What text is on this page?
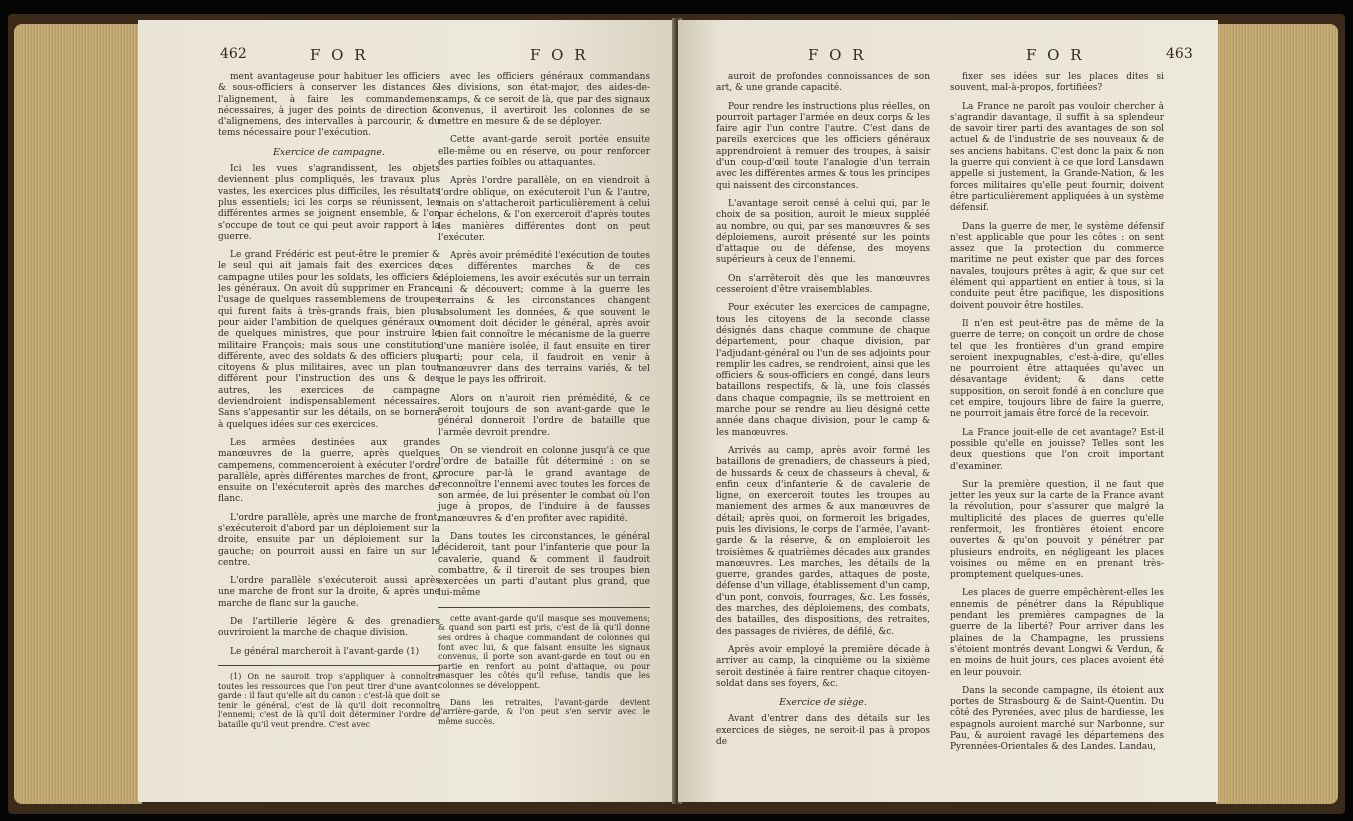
462	F O R	F O R

ment avantageuse pour habituer les officiers & sous-officiers à conserver les distances & l'alignement, à faire les commandemens nécessaires, à juger des points de direction & d'alignemens, des intervalles à parcourir, & du tems nécessaire pour l'exécution.

Exercice de campagne.

Ici les vues s'agrandissent, les objets deviennent plus compliqués, les travaux plus vastes, les exercices plus difficiles, les résultats plus essentiels; ici les corps se réunissent, les différentes armes se joignent ensemble, & l'on s'occupe de tout ce qui peut avoir rapport à la guerre.

Le grand Frédéric est peut-être le premier & le seul qui ait jamais fait des exercices de campagne utiles pour les soldats, les officiers & les généraux. On avoit dû supprimer en France l'usage de quelques rassemblemens de troupes qui furent faits à très-grands frais, bien plus pour aider l'ambition de quelques généraux ou de quelques ministres, que pour instruire le militaire François; mais sous une constitution différente, avec des soldats & des officiers plus citoyens & plus militaires, avec un plan tout différent pour l'instruction des uns & des autres, les exercices de campagne deviendroient indispensablement nécessaires. Sans s'appesantir sur les détails, on se bornera à quelques idées sur ces exercices.

Les armées destinées aux grandes manœuvres de la guerre, après quelques campemens, commenceroient à exécuter l'ordre parallèle, après différentes marches de front, & ensuite on l'exécuteroit après des marches de flanc.

L'ordre parallèle, après une marche de front, s'exécuteroit d'abord par un déploiement sur la droite, ensuite par un déploiement sur la gauche; on pourroit aussi en faire un sur le centre.

L'ordre parallèle s'exécuteroit aussi après une marche de front sur la droite, & après une marche de flanc sur la gauche.

De l'artillerie légère & des grenadiers ouvriroient la marche de chaque division.

Le général marcheroit à l'avant-garde (1)

(1) On ne sauroit trop s'appliquer à connoître toutes les ressources que l'on peut tirer d'une avant-garde : il faut qu'elle ait du canon : c'est-là que doit se tenir le général, c'est de là qu'il doit reconnoître l'ennemi; c'est de là qu'il doit déterminer l'ordre de bataille qu'il veut prendre. C'est avec

avec les officiers généraux commandans les divisions, son état-major, des aides-de-camps, & ce seroit de là, que par des signaux convenus, il avertiroit les colonnes de se mettre en mesure & de se déployer.

Cette avant-garde seroit portée ensuite elle-même ou en réserve, ou pour renforcer des parties foibles ou attaquantes.

Après l'ordre parallèle, on en viendroit à l'ordre oblique, on exécuteroit l'un & l'autre, mais on s'attacheroit particulièrement à celui par échelons, & l'on exerceroit d'après toutes les manières différentes dont on peut l'exécuter.

Après avoir prémédité l'exécution de toutes ces différentes marches & de ces déploiemens, les avoir exécutés sur un terrain uni & découvert; comme à la guerre les terrains & les circonstances changent absolument les données, & que souvent le moment doit décider le général, après avoir bien fait connoître le mécanisme de la guerre d'une manière isolée, il faut ensuite en tirer parti; pour cela, il faudroit en venir à manœuvrer dans des terrains variés, & tel que le pays les offriroit.

Alors on n'auroit rien prémédité, & ce seroit toujours de son avant-garde que le général donneroit l'ordre de bataille que l'armée devroit prendre.

On se viendroit en colonne jusqu'à ce que l'ordre de bataille fût déterminé : on se procure par-là le grand avantage de reconnoître l'ennemi avec toutes les forces de son armée, de lui présenter le combat où l'on juge à propos, de l'induire à de fausses manœuvres & d'en profiter avec rapidité.

Dans toutes les circonstances, le général décideroit, tant pour l'infanterie que pour la cavalerie, quand & comment il faudroit combattre, & il tireroit de ses troupes bien exercées un parti d'autant plus grand, que lui-même

cette avant-garde qu'il masque ses mouvemens; & quand son parti est pris, c'est de là qu'il donne ses ordres à chaque commandant de colonnes qui font avec lui, & que faisant ensuite les signaux convenus, il porte son avant-garde en tout ou en partie en renfort au point d'attaque, ou pour masquer les côtés qu'il refuse, tandis que les colonnes se développent.

Dans les retraites, l'avant-garde devient l'arrière-garde, & l'on peut s'en servir avec le même succès.

F O R	F O R	463

auroit de profondes connoissances de son art, & une grande capacité.

Pour rendre les instructions plus réelles, on pourroit partager l'armée en deux corps & les faire agir l'un contre l'autre. C'est dans de pareils exercices que les officiers généraux apprendroient à remuer des troupes, à saisir d'un coup-d'œil toute l'analogie d'un terrain avec les différentes armes & tous les principes qui naissent des circonstances.

L'avantage seroit censé à celui qui, par le choix de sa position, auroit le mieux suppléé au nombre, ou qui, par ses manœuvres & ses déploiemens, auroit présenté sur les points d'attaque ou de défense, des moyens supérieurs à ceux de l'ennemi.

On s'arrêteroit dès que les manœuvres cesseroient d'être vraisemblables.

Pour exécuter les exercices de campagne, tous les citoyens de la seconde classe désignés dans chaque commune de chaque département, pour chaque division, par l'adjudant-général ou l'un de ses adjoints pour remplir les cadres, se rendroient, ainsi que les officiers & sous-officiers en congé, dans leurs bataillons respectifs, & là, une fois classés dans chaque compagnie, ils se mettroient en marche pour se rendre au lieu désigné cette année dans chaque division, pour le camp & les manœuvres.

Arrivés au camp, après avoir formé les bataillons de grenadiers, de chasseurs à pied, de hussards & ceux de chasseurs à cheval, & enfin ceux d'infanterie & de cavalerie de ligne, on exerceroit toutes les troupes au maniement des armes & aux manœuvres de détail; après quoi, on formeroit les brigades, puis les divisions, le corps de l'armée, l'avant-garde & la réserve, & on emploieroit les troisièmes & quatrièmes décades aux grandes manœuvres. Les marches, les détails de la guerre, grandes gardes, attaques de poste, défense d'un village, établissement d'un camp, d'un pont, convois, fourrages, &c. Les fossés, des marches, des déploiemens, des combats, des batailles, des dispositions, des retraites, des passages de rivières, de défilé, &c.

Après avoir employé la première décade à arriver au camp, la cinquième ou la sixième seroit destinée à faire rentrer chaque citoyen-soldat dans ses foyers, &c.

Exercice de siège.

Avant d'entrer dans des détails sur les exercices de sièges, ne seroit-il pas à propos de

fixer ses idées sur les places dites si souvent, mal-à-propos, fortifiées?

La France ne paroît pas vouloir chercher à s'agrandir davantage, il suffit à sa splendeur de savoir tirer parti des avantages de son sol actuel & de l'industrie de ses nouveaux & de ses anciens habitans. C'est donc la paix & non la guerre qui convient à ce que lord Lansdawn appelle si justement, la Grande-Nation, & les forces militaires qu'elle peut fournir, doivent être particulièrement appliquées à un système défensif.

Dans la guerre de mer, le système défensif n'est applicable que pour les côtes : on sent assez que la protection du commerce maritime ne peut exister que par des forces navales, toujours prêtes à agir, & que sur cet élément qui appartient en entier à tous, si la conduite peut être pacifique, les dispositions doivent pouvoir être hostiles.

Il n'en est peut-être pas de même de la guerre de terre; on conçoit un ordre de chose tel que les frontières d'un grand empire seroient inexpugnables, c'est-à-dire, qu'elles ne pourroient être attaquées qu'avec un désavantage évident; & dans cette supposition, on seroit fondé à en conclure que cet empire, toujours libre de faire la guerre, ne pourroit jamais être forcé de la recevoir.

La France jouit-elle de cet avantage? Est-il possible qu'elle en jouisse? Telles sont les deux questions que l'on croit important d'examiner.

Sur la première question, il ne faut que jetter les yeux sur la carte de la France avant la révolution, pour s'assurer que malgré la multiplicité des places de guerres qu'elle renfermoit, les frontières étoient encore ouvertes & qu'on pouvoit y pénétrer par plusieurs endroits, en négligeant les places voisines ou même en en prenant très-promptement quelques-unes.

Les places de guerre empêchèrent-elles les ennemis de pénétrer dans la République pendant les premières campagnes de la guerre de la liberté? Pour arriver dans les plaines de la Champagne, les prussiens s'étoient montrés devant Longwi & Verdun, & en moins de huit jours, ces places avoient été en leur pouvoir.

Dans la seconde campagne, ils étoient aux portes de Strasbourg & de Saint-Quentin. Du côté des Pyrenées, avec plus de hardiesse, les espagnols auroient marché sur Narbonne, sur Pau, & auroient ravagé les départemens des Pyrennées-Orientales & des Landes. Landau,
